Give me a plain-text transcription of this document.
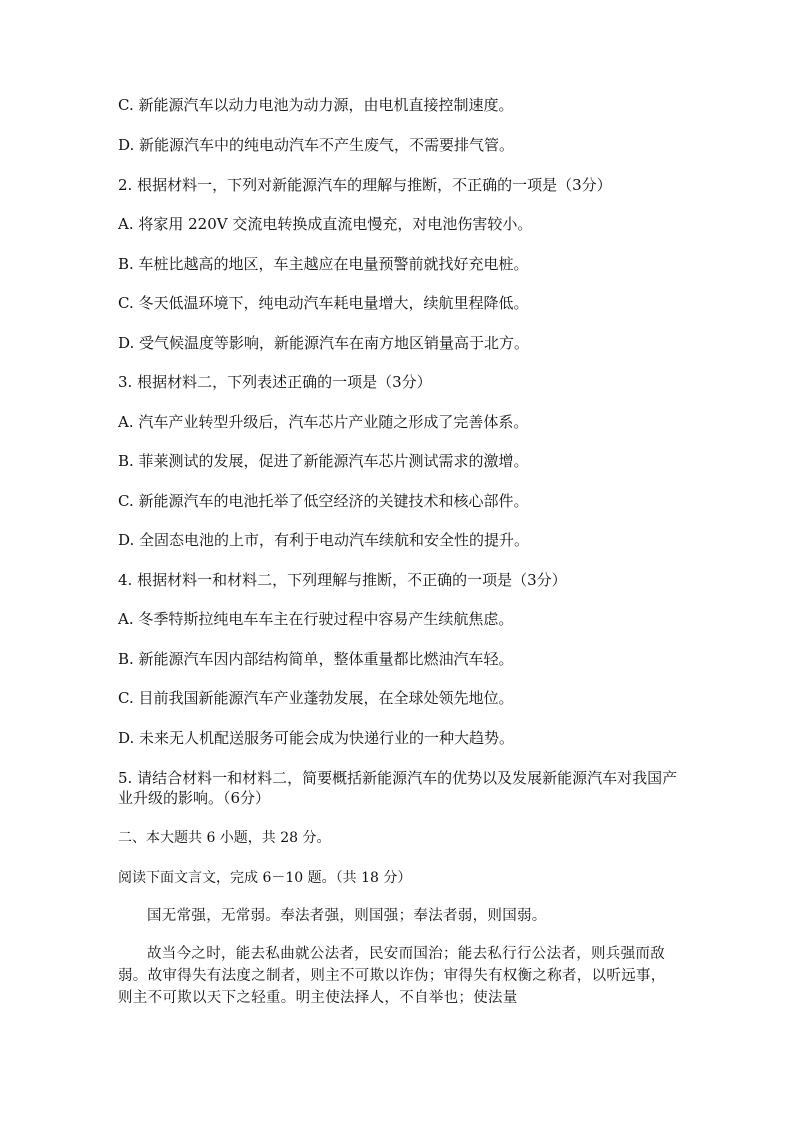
C. 新能源汽车以动力电池为动力源，由电机直接控制速度。

D. 新能源汽车中的纯电动汽车不产生废气，不需要排气管。

2. 根据材料一，下列对新能源汽车的理解与推断，不正确的一项是（3分）

A. 将家用 220V 交流电转换成直流电慢充，对电池伤害较小。

B. 车桩比越高的地区，车主越应在电量预警前就找好充电桩。

C. 冬天低温环境下，纯电动汽车耗电量增大，续航里程降低。

D. 受气候温度等影响，新能源汽车在南方地区销量高于北方。

3. 根据材料二，下列表述正确的一项是（3分）

A. 汽车产业转型升级后，汽车芯片产业随之形成了完善体系。

B. 菲莱测试的发展，促进了新能源汽车芯片测试需求的激增。

C. 新能源汽车的电池托举了低空经济的关键技术和核心部件。

D. 全固态电池的上市，有利于电动汽车续航和安全性的提升。

4. 根据材料一和材料二，下列理解与推断，不正确的一项是（3分）

A. 冬季特斯拉纯电车车主在行驶过程中容易产生续航焦虑。

B. 新能源汽车因内部结构简单，整体重量都比燃油汽车轻。

C. 目前我国新能源汽车产业蓬勃发展，在全球处领先地位。

D. 未来无人机配送服务可能会成为快递行业的一种大趋势。

5. 请结合材料一和材料二，简要概括新能源汽车的优势以及发展新能源汽车对我国产业升级的影响。（6分）

二、本大题共 6 小题，共 28 分。

阅读下面文言文，完成 6－10 题。（共 18 分）

国无常强，无常弱。奉法者强，则国强；奉法者弱，则国弱。

故当今之时，能去私曲就公法者，民安而国治；能去私行行公法者，则兵强而敌弱。故审得失有法度之制者，则主不可欺以诈伪；审得失有权衡之称者，以听远事，则主不可欺以天下之轻重。明主使法择人，不自举也；使法量
